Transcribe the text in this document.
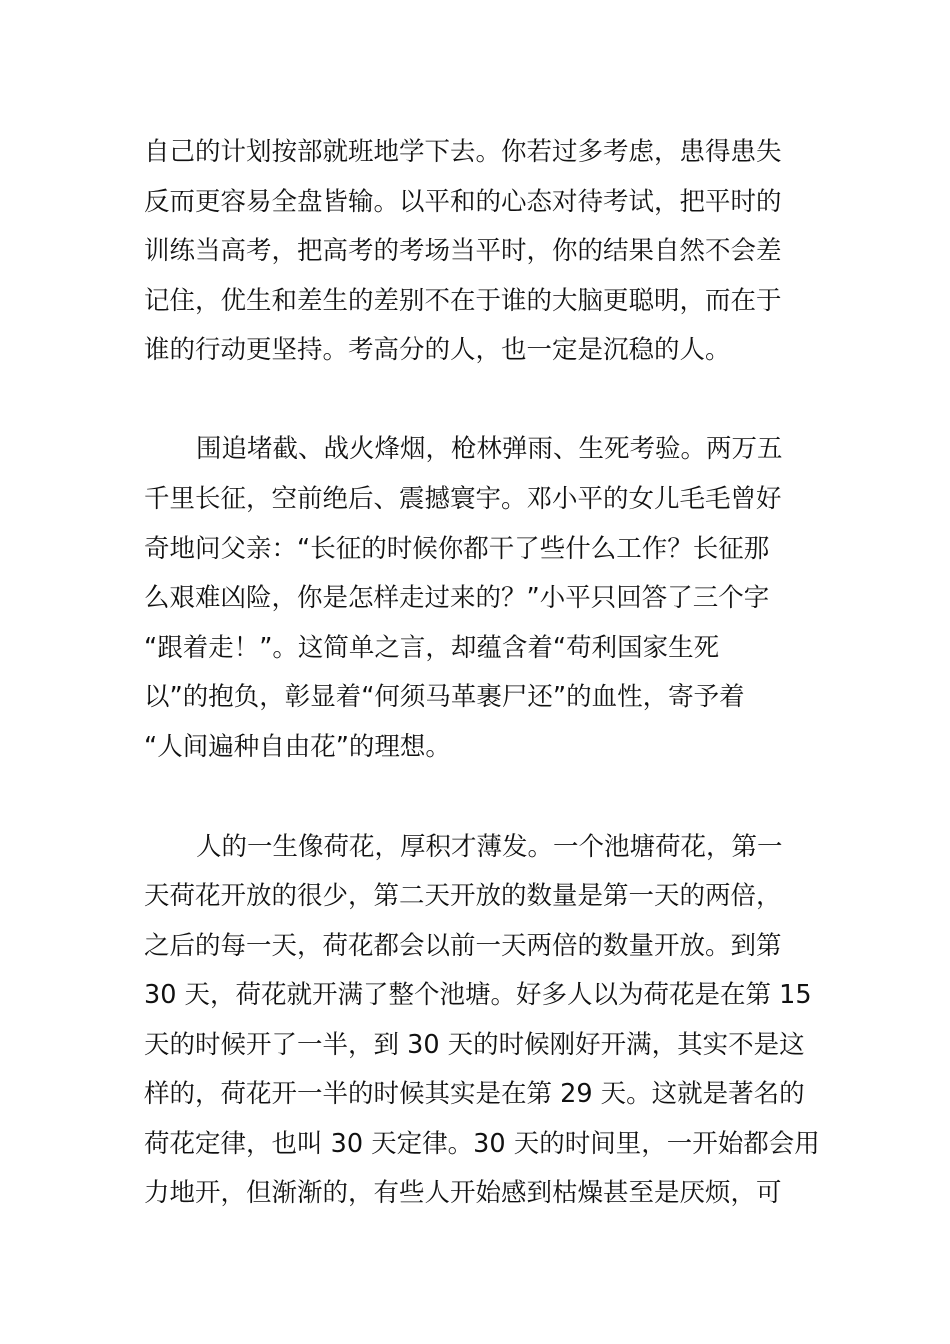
自己的计划按部就班地学下去。你若过多考虑，患得患失
反而更容易全盘皆输。以平和的心态对待考试，把平时的
训练当高考，把高考的考场当平时，你的结果自然不会差
记住，优生和差生的差别不在于谁的大脑更聪明，而在于
谁的行动更坚持。考高分的人，也一定是沉稳的人。
围追堵截、战火烽烟，枪林弹雨、生死考验。两万五
千里长征，空前绝后、震撼寰宇。邓小平的女儿毛毛曾好
奇地问父亲：“长征的时候你都干了些什么工作？长征那
么艰难凶险，你是怎样走过来的？”小平只回答了三个字
“跟着走！”。这简单之言，却蕴含着“苟利国家生死
以”的抱负，彰显着“何须马革裹尸还”的血性，寄予着
“人间遍种自由花”的理想。
人的一生像荷花，厚积才薄发。一个池塘荷花，第一
天荷花开放的很少，第二天开放的数量是第一天的两倍，
之后的每一天，荷花都会以前一天两倍的数量开放。到第
30 天，荷花就开满了整个池塘。好多人以为荷花是在第 15
天的时候开了一半，到 30 天的时候刚好开满，其实不是这
样的，荷花开一半的时候其实是在第 29 天。这就是著名的
荷花定律，也叫 30 天定律。30 天的时间里，一开始都会用
力地开，但渐渐的，有些人开始感到枯燥甚至是厌烦，可
